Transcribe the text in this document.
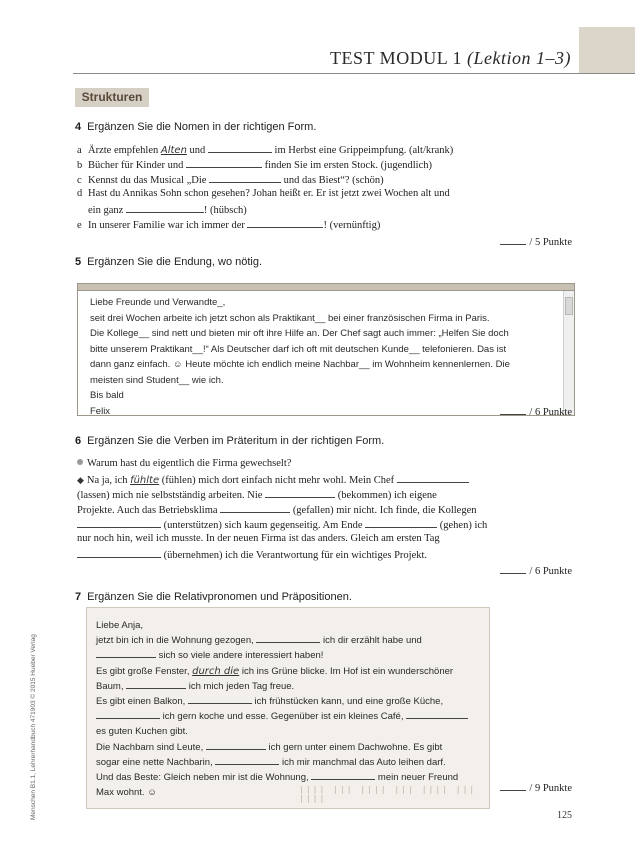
TEST MODUL 1 (Lektion 1–3)
Strukturen
4 Ergänzen Sie die Nomen in der richtigen Form.
a Ärzte empfehlen Alten und	im Herbst eine Grippeimpfung. (alt/krank)
b Bücher für Kinder und	finden Sie im ersten Stock. (jugendlich)
c Kennst du das Musical „Die	und das Biest“? (schön)
d Hast du Annikas Sohn schon gesehen? Johan heißt er. Er ist jetzt zwei Wochen alt und
ein ganz	! (hübsch)
e In unserer Familie war ich immer der	! (vernünftig)
/ 5 Punkte
5 Ergänzen Sie die Endung, wo nötig.
Liebe Freunde und Verwandte_,
seit drei Wochen arbeite ich jetzt schon als Praktikant__ bei einer französischen Firma in Paris.
Die Kollege__ sind nett und bieten mir oft ihre Hilfe an. Der Chef sagt auch immer: „Helfen Sie doch
bitte unserem Praktikant__!“ Als Deutscher darf ich oft mit deutschen Kunde__ telefonieren. Das ist
dann ganz einfach. ☺ Heute möchte ich endlich meine Nachbar__ im Wohnheim kennenlernen. Die
meisten sind Student__ wie ich.
Bis bald
Felix	/ 6 Punkte
6 Ergänzen Sie die Verben im Präteritum in der richtigen Form.
Warum hast du eigentlich die Firma gewechselt?
◆ Na ja, ich fühlte (fühlen) mich dort einfach nicht mehr wohl. Mein Chef
(lassen) mich nie selbstständig arbeiten. Nie	(bekommen) ich eigene
Projekte. Auch das Betriebsklima	(gefallen) mir nicht. Ich finde, die Kollegen
(unterstützen) sich kaum gegenseitig. Am Ende	(gehen) ich
nur noch hin, weil ich musste. In der neuen Firma ist das anders. Gleich am ersten Tag
(übernehmen) ich die Verantwortung für ein wichtiges Projekt.
/ 6 Punkte
7 Ergänzen Sie die Relativpronomen und Präpositionen.
Liebe Anja,
jetzt bin ich in die Wohnung gezogen,	ich dir erzählt habe und
sich so viele andere interessiert haben!
Es gibt große Fenster, durch die ich ins Grüne blicke. Im Hof ist ein wunderschöner
Baum,	ich mich jeden Tag freue.
Es gibt einen Balkon,	ich frühstücken kann, und eine große Küche,
ich gern koche und esse. Gegenüber ist ein kleines Café,
es guten Kuchen gibt.
Die Nachbarn sind Leute,	ich gern unter einem Dachwohne. Es gibt
sogar eine nette Nachbarin,	ich mir manchmal das Auto leihen darf.
Und das Beste: Gleich neben mir ist die Wohnung,	mein neuer Freund
Max wohnt. ☺	|||| ||| |||| ||| |||| ||| ||||
/ 9 Punkte
Menschen B1.1, Lehrerhandbuch 471903 © 2015 Hueber Verlag	125
